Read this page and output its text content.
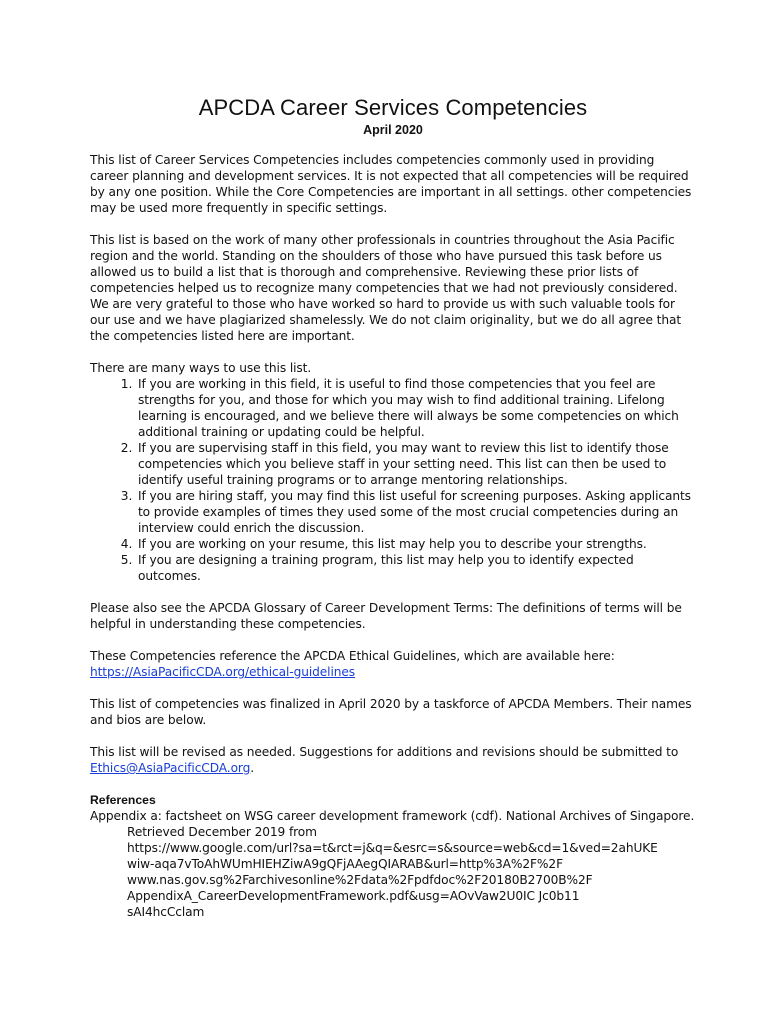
APCDA Career Services Competencies
April 2020

This list of Career Services Competencies includes competencies commonly used in providing career planning and development services. It is not expected that all competencies will be required by any one position. While the Core Competencies are important in all settings. other competencies may be used more frequently in specific settings.

This list is based on the work of many other professionals in countries throughout the Asia Pacific region and the world. Standing on the shoulders of those who have pursued this task before us allowed us to build a list that is thorough and comprehensive. Reviewing these prior lists of competencies helped us to recognize many competencies that we had not previously considered. We are very grateful to those who have worked so hard to provide us with such valuable tools for our use and we have plagiarized shamelessly. We do not claim originality, but we do all agree that the competencies listed here are important.

There are many ways to use this list.
1. If you are working in this field, it is useful to find those competencies that you feel are strengths for you, and those for which you may wish to find additional training. Lifelong learning is encouraged, and we believe there will always be some competencies on which additional training or updating could be helpful.
2. If you are supervising staff in this field, you may want to review this list to identify those competencies which you believe staff in your setting need. This list can then be used to identify useful training programs or to arrange mentoring relationships.
3. If you are hiring staff, you may find this list useful for screening purposes. Asking applicants to provide examples of times they used some of the most crucial competencies during an interview could enrich the discussion.
4. If you are working on your resume, this list may help you to describe your strengths.
5. If you are designing a training program, this list may help you to identify expected outcomes.

Please also see the APCDA Glossary of Career Development Terms: The definitions of terms will be helpful in understanding these competencies.

These Competencies reference the APCDA Ethical Guidelines, which are available here:
https://AsiaPacificCDA.org/ethical-guidelines

This list of competencies was finalized in April 2020 by a taskforce of APCDA Members. Their names and bios are below.

This list will be revised as needed. Suggestions for additions and revisions should be submitted to
Ethics@AsiaPacificCDA.org.

References
Appendix a: factsheet on WSG career development framework (cdf). National Archives of Singapore. Retrieved December 2019 from
https://www.google.com/url?sa=t&rct=j&q=&esrc=s&source=web&cd=1&ved=2ahUKE
wiw-aqa7vToAhWUmHIEHZiwA9gQFjAAegQIARAB&url=http%3A%2F%2F
www.nas.gov.sg%2Farchivesonline%2Fdata%2Fpdfdoc%2F20180B2700B%2F
AppendixA_CareerDevelopmentFramework.pdf&usg=AOvVaw2U0IC Jc0b11
sAI4hcCclam
